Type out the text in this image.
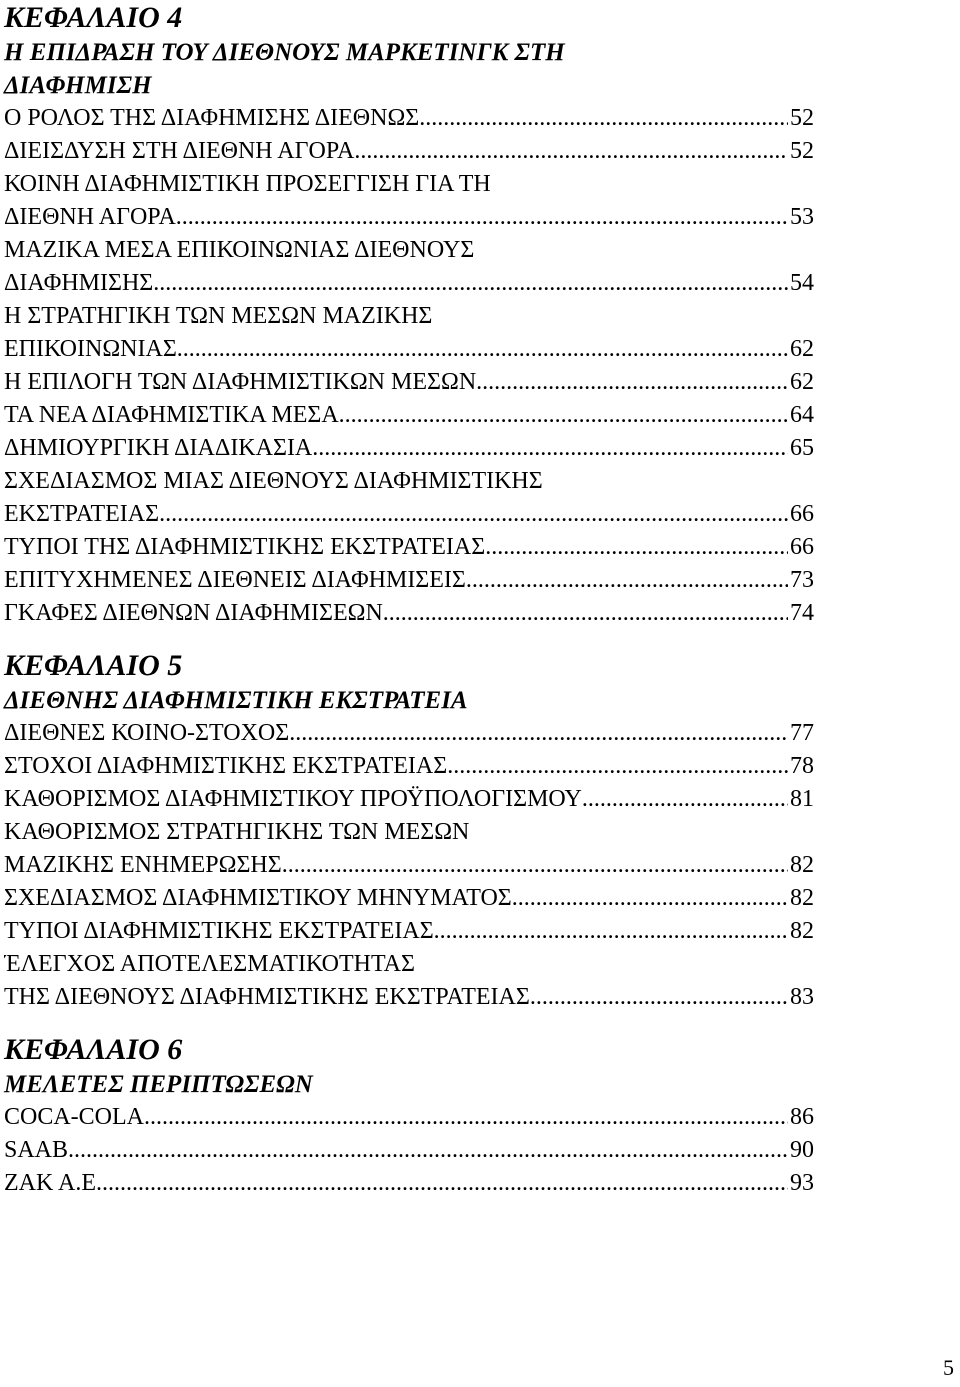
ΚΕΦΑΛΑΙΟ 4
Η ΕΠΙΔΡΑΣΗ ΤΟΥ ΔΙΕΘΝΟΥΣ ΜΑΡΚΕΤΙΝΓΚ ΣΤΗ
ΔΙΑΦΗΜΙΣΗ
Ο ΡΟΛΟΣ ΤΗΣ ΔΙΑΦΗΜΙΣΗΣ ΔΙΕΘΝΩΣ .....	52
ΔΙΕΙΣΔΥΣΗ ΣΤΗ ΔΙΕΘΝΗ ΑΓΟΡΑ .....	52
ΚΟΙΝΗ ΔΙΑΦΗΜΙΣΤΙΚΗ ΠΡΟΣΕΓΓΙΣΗ ΓΙΑ ΤΗ
ΔΙΕΘΝΗ ΑΓΟΡΑ .....	53
ΜΑΖΙΚΑ ΜΕΣΑ ΕΠΙΚΟΙΝΩΝΙΑΣ ΔΙΕΘΝΟΥΣ
ΔΙΑΦΗΜΙΣΗΣ .....	54
Η ΣΤΡΑΤΗΓΙΚΗ ΤΩΝ ΜΕΣΩΝ ΜΑΖΙΚΗΣ
ΕΠΙΚΟΙΝΩΝΙΑΣ .....	62
Η ΕΠΙΛΟΓΗ ΤΩΝ ΔΙΑΦΗΜΙΣΤΙΚΩΝ ΜΕΣΩΝ .....	62
ΤΑ ΝΕΑ ΔΙΑΦΗΜΙΣΤΙΚΑ ΜΕΣΑ .....	64
ΔΗΜΙΟΥΡΓΙΚΗ ΔΙΑΔΙΚΑΣΙΑ .....	65
ΣΧΕΔΙΑΣΜΟΣ ΜΙΑΣ ΔΙΕΘΝΟΥΣ ΔΙΑΦΗΜΙΣΤΙΚΗΣ
ΕΚΣΤΡΑΤΕΙΑΣ .....	66
ΤΥΠΟΙ ΤΗΣ ΔΙΑΦΗΜΙΣΤΙΚΗΣ ΕΚΣΤΡΑΤΕΙΑΣ .....	66
ΕΠΙΤΥΧΗΜΕΝΕΣ ΔΙΕΘΝΕΙΣ ΔΙΑΦΗΜΙΣΕΙΣ .....	73
ΓΚΑΦΕΣ ΔΙΕΘΝΩΝ ΔΙΑΦΗΜΙΣΕΩΝ .....	74
ΚΕΦΑΛΑΙΟ 5
ΔΙΕΘΝΗΣ ΔΙΑΦΗΜΙΣΤΙΚΗ ΕΚΣΤΡΑΤΕΙΑ
ΔΙΕΘΝΕΣ ΚΟΙΝΟ-ΣΤΟΧΟΣ .....	77
ΣΤΟΧΟΙ ΔΙΑΦΗΜΙΣΤΙΚΗΣ ΕΚΣΤΡΑΤΕΙΑΣ .....	78
ΚΑΘΟΡΙΣΜΟΣ ΔΙΑΦΗΜΙΣΤΙΚΟΥ ΠΡΟΫΠΟΛΟΓΙΣΜΟΥ .....	81
ΚΑΘΟΡΙΣΜΟΣ ΣΤΡΑΤΗΓΙΚΗΣ ΤΩΝ ΜΕΣΩΝ
ΜΑΖΙΚΗΣ ΕΝΗΜΕΡΩΣΗΣ .....	82
ΣΧΕΔΙΑΣΜΟΣ ΔΙΑΦΗΜΙΣΤΙΚΟΥ ΜΗΝΥΜΑΤΟΣ .....	82
ΤΥΠΟΙ ΔΙΑΦΗΜΙΣΤΙΚΗΣ ΕΚΣΤΡΑΤΕΙΑΣ .....	82
ΈΛΕΓΧΟΣ ΑΠΟΤΕΛΕΣΜΑΤΙΚΟΤΗΤΑΣ
ΤΗΣ ΔΙΕΘΝΟΥΣ ΔΙΑΦΗΜΙΣΤΙΚΗΣ ΕΚΣΤΡΑΤΕΙΑΣ .....	83
ΚΕΦΑΛΑΙΟ 6
ΜΕΛΕΤΕΣ ΠΕΡΙΠΤΩΣΕΩΝ
COCA-COLA .....	86
SAAB .....	90
ZAK A.E .....	93
5
